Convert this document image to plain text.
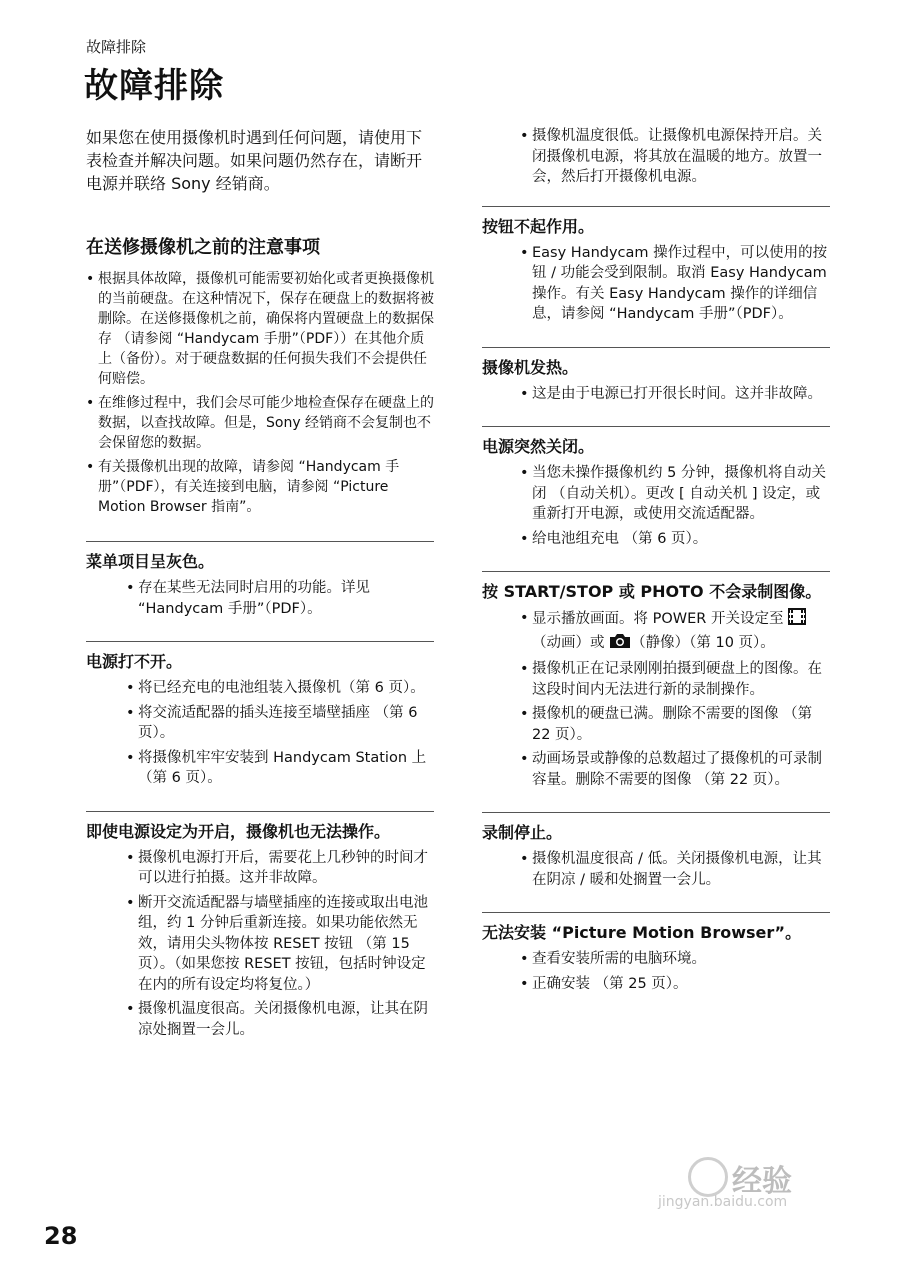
故障排除
故障排除

如果您在使用摄像机时遇到任何问题，请使用下表检查并解决问题。如果问题仍然存在，请断开电源并联络 Sony 经销商。

在送修摄像机之前的注意事项
• 根据具体故障，摄像机可能需要初始化或者更换摄像机的当前硬盘。在这种情况下，保存在硬盘上的数据将被删除。在送修摄像机之前，确保将内置硬盘上的数据保存 （请参阅 “Handycam 手册”（PDF））在其他介质上（备份）。对于硬盘数据的任何损失我们不会提供任何赔偿。
• 在维修过程中，我们会尽可能少地检查保存在硬盘上的数据，以查找故障。但是，Sony 经销商不会复制也不会保留您的数据。
• 有关摄像机出现的故障，请参阅 “Handycam 手册”（PDF），有关连接到电脑，请参阅 “Picture Motion Browser 指南”。
菜单项目呈灰色。
• 存在某些无法同时启用的功能。详见 “Handycam 手册”（PDF）。
电源打不开。
• 将已经充电的电池组装入摄像机（第 6 页）。
• 将交流适配器的插头连接至墙壁插座 （第 6 页）。
• 将摄像机牢牢安装到 Handycam Station 上 （第 6 页）。
即使电源设定为开启，摄像机也无法操作。
• 摄像机电源打开后，需要花上几秒钟的时间才可以进行拍摄。这并非故障。
• 断开交流适配器与墙壁插座的连接或取出电池组，约 1 分钟后重新连接。如果功能依然无效，请用尖头物体按 RESET 按钮 （第 15 页）。（如果您按 RESET 按钮，包括时钟设定在内的所有设定均将复位。）
• 摄像机温度很高。关闭摄像机电源，让其在阴凉处搁置一会儿。
• 摄像机温度很低。让摄像机电源保持开启。关闭摄像机电源，将其放在温暖的地方。放置一会，然后打开摄像机电源。
按钮不起作用。
• Easy Handycam 操作过程中，可以使用的按钮 / 功能会受到限制。取消 Easy Handycam 操作。有关 Easy Handycam 操作的详细信息，请参阅 “Handycam 手册”（PDF）。
摄像机发热。
• 这是由于电源已打开很长时间。这并非故障。
电源突然关闭。
• 当您未操作摄像机约 5 分钟，摄像机将自动关闭 （自动关机）。更改 [ 自动关机 ] 设定，或重新打开电源，或使用交流适配器。
• 给电池组充电 （第 6 页）。
按 START/STOP 或 PHOTO 不会录制图像。
• 显示播放画面。将 POWER 开关设定至 （动画）或 （静像）（第 10 页）。
• 摄像机正在记录刚刚拍摄到硬盘上的图像。在这段时间内无法进行新的录制操作。
• 摄像机的硬盘已满。删除不需要的图像 （第 22 页）。
• 动画场景或静像的总数超过了摄像机的可录制容量。删除不需要的图像 （第 22 页）。
录制停止。
• 摄像机温度很高 / 低。关闭摄像机电源，让其在阴凉 / 暖和处搁置一会儿。
无法安装 “Picture Motion Browser”。
• 查看安装所需的电脑环境。
• 正确安装 （第 25 页）。
28
经验
jingyan.baidu.com
